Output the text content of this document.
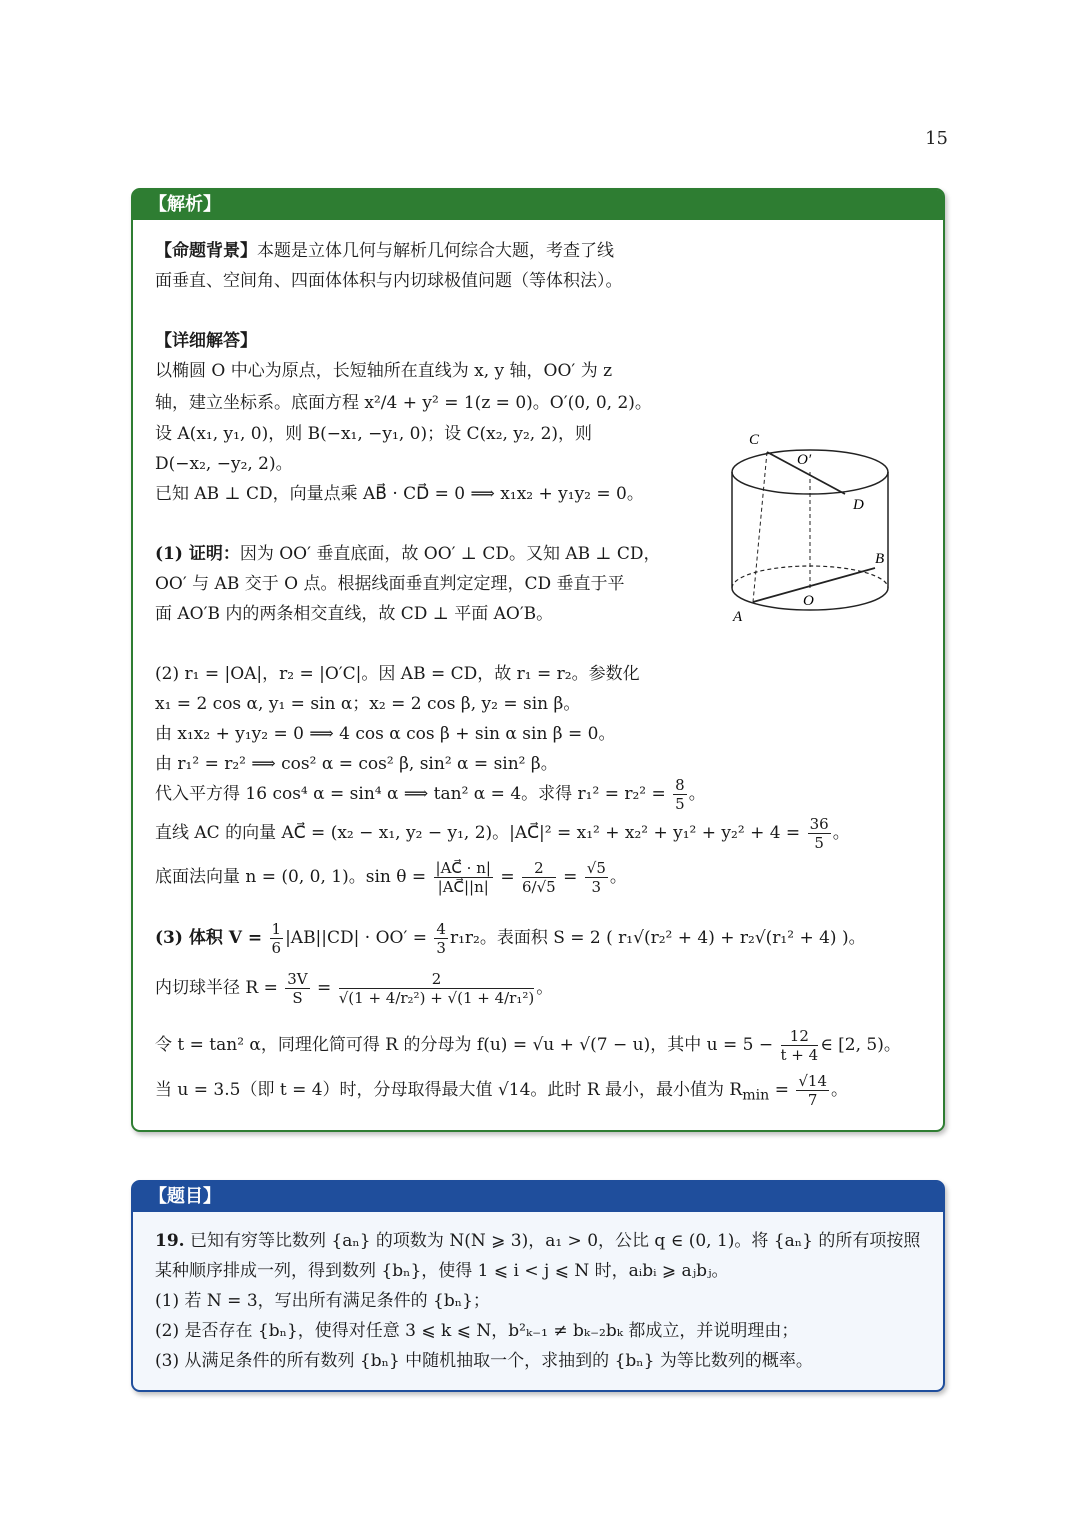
15
【解析】
【命题背景】本题是立体几何与解析几何综合大题，考查了线
面垂直、空间角、四面体体积与内切球极值问题（等体积法）。
【详细解答】
以椭圆 O 中心为原点，长短轴所在直线为 x, y 轴，OO′ 为 z
轴，建立坐标系。底面方程 x²/4 + y² = 1(z = 0)。O′(0, 0, 2)。
设 A(x₁, y₁, 0)，则 B(−x₁, −y₁, 0)；设 C(x₂, y₂, 2)，则
D(−x₂, −y₂, 2)。
已知 AB ⊥ CD，向量点乘 AB⃗ · CD⃗ = 0 ⟹ x₁x₂ + y₁y₂ = 0。
(1) 证明：因为 OO′ 垂直底面，故 OO′ ⊥ CD。又知 AB ⊥ CD，
OO′ 与 AB 交于 O 点。根据线面垂直判定定理，CD 垂直于平
面 AO′B 内的两条相交直线，故 CD ⊥ 平面 AO′B。
(2) r₁ = |OA|，r₂ = |O′C|。因 AB = CD，故 r₁ = r₂。参数化
x₁ = 2 cos α, y₁ = sin α；x₂ = 2 cos β, y₂ = sin β。
由 x₁x₂ + y₁y₂ = 0 ⟹ 4 cos α cos β + sin α sin β = 0。
由 r₁² = r₂² ⟹ cos² α = cos² β, sin² α = sin² β。
代入平方得 16 cos⁴ α = sin⁴ α ⟹ tan² α = 4。求得 $r_1^2 = r_2^2 = \frac{8}{5}$ 。
直线 AC 的向量 AC⃗ = (x₂ − x₁, y₂ − y₁, 2)。|AC⃗|² = $x_1^2 + x_2^2 + y_1^2 + y_2^2 + 4 = \frac{36}{5}$ 。
底面法向量 n = (0, 0, 1)。$\sin \theta = \frac{|AC⃗ \cdot n|}{|AC⃗||n|} = \frac{2}{6/√5} = \frac{√5}{3}$ 。
(3) 体积 $V = \frac{1}{6} |AB||CD| \cdot OO' = \frac{4}{3} r_1r_2$。表面积 S = 2 ( r₁√(r₂² + 4) + r₂√(r₁² + 4) )。
内切球半径 $R = \frac{3V}{S} = \frac{2}{\text{√(1 + 4/r₂²) + √(1 + 4/r₁²)}}$ 。
令 t = tan² α，同理化简可得 R 的分母为 f(u) = √u + √(7 − u)，其中 $u = 5 - \frac{12}{t + 4}$ ∈ [2, 5)。
当 u = 3.5（即 t = 4）时，分母取得最大值 √14。此时 R 最小，最小值为 $R_{min} = \frac{√14}{7}$ 。
C
O′
D
B
O
A
【题目】
19. 已知有穷等比数列 {aₙ} 的项数为 N(N ⩾ 3)，a₁ > 0，公比 q ∈ (0, 1)。将 {aₙ} 的所有项按照
某种顺序排成一列，得到数列 {bₙ}，使得 1 ⩽ i < j ⩽ N 时，aᵢbᵢ ⩾ aⱼbⱼ。
(1) 若 N = 3，写出所有满足条件的 {bₙ}；
(2) 是否存在 {bₙ}，使得对任意 3 ⩽ k ⩽ N，b²ₖ₋₁ ≠ bₖ₋₂bₖ 都成立，并说明理由；
(3) 从满足条件的所有数列 {bₙ} 中随机抽取一个，求抽到的 {bₙ} 为等比数列的概率。
